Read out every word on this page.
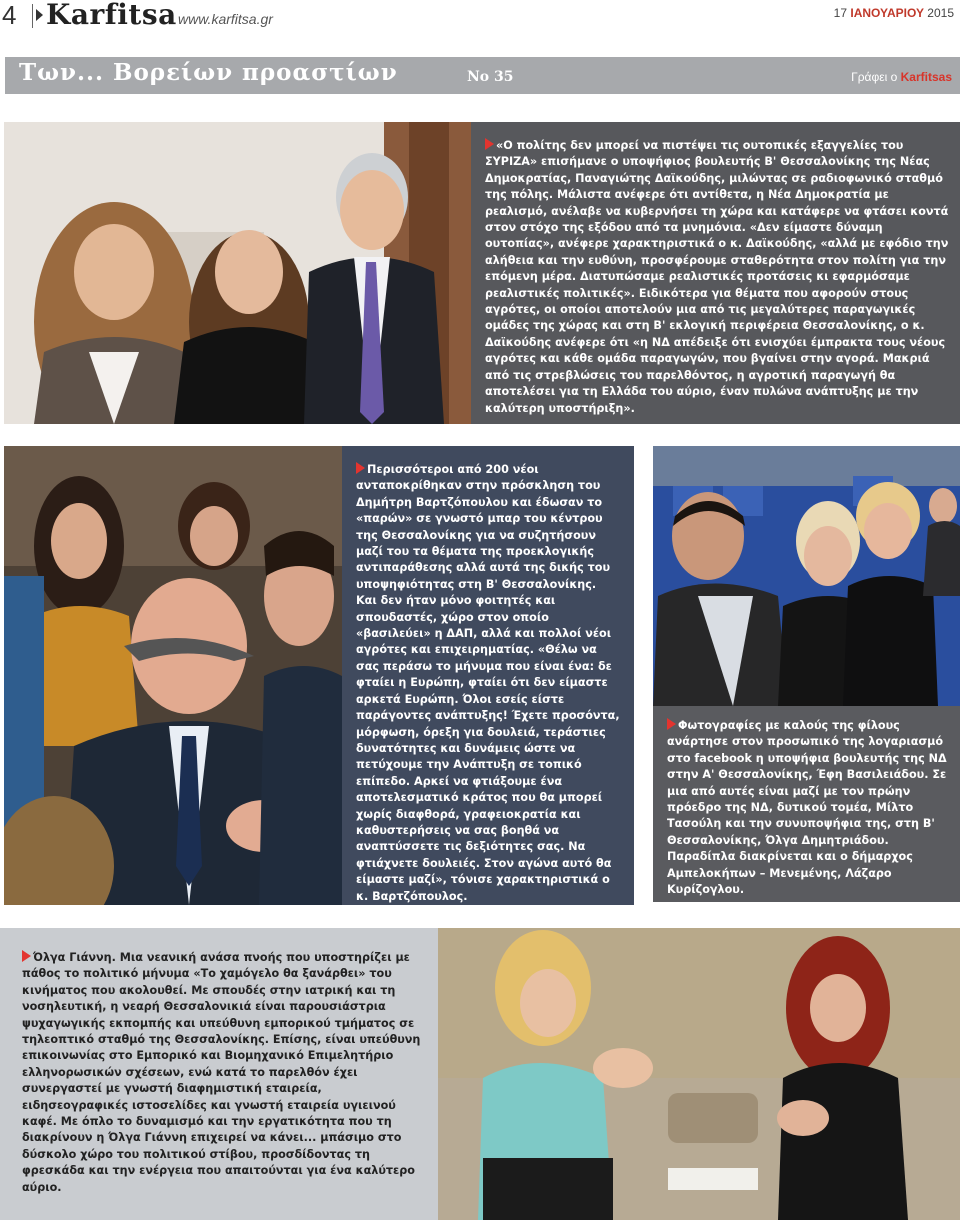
4 Karfitsa www.karfitsa.gr	17 ΙΑΝΟΥΑΡΙΟΥ 2015
Των... Βορείων προαστίων	Νο 35	Γράφει ο Karfitsas

«Ο πολίτης δεν μπορεί να πιστέψει τις ουτοπικές εξαγγελίες του ΣΥΡΙΖΑ» επισήμανε ο υποψήφιος βουλευτής Β' Θεσσαλονίκης της Νέας Δημοκρατίας, Παναγιώτης Δαϊκούδης, μιλώντας σε ραδιοφωνικό σταθμό της πόλης. Μάλιστα ανέφερε ότι αντίθετα, η Νέα Δημοκρατία με ρεαλισμό, ανέλαβε να κυβερνήσει τη χώρα και κατάφερε να φτάσει κοντά στον στόχο της εξόδου από τα μνημόνια. «Δεν είμαστε δύναμη ουτοπίας», ανέφερε χαρακτηριστικά ο κ. Δαϊκούδης, «αλλά με εφόδιο την αλήθεια και την ευθύνη, προσφέρουμε σταθερότητα στον πολίτη για την επόμενη μέρα. Διατυπώσαμε ρεαλιστικές προτάσεις κι εφαρμόσαμε ρεαλιστικές πολιτικές». Ειδικότερα για θέματα που αφορούν στους αγρότες, οι οποίοι αποτελούν μια από τις μεγαλύτερες παραγωγικές ομάδες της χώρας και στη Β' εκλογική περιφέρεια Θεσσαλονίκης, ο κ. Δαϊκούδης ανέφερε ότι «η ΝΔ απέδειξε ότι ενισχύει έμπρακτα τους νέους αγρότες και κάθε ομάδα παραγωγών, που βγαίνει στην αγορά. Μακριά από τις στρεβλώσεις του παρελθόντος, η αγροτική παραγωγή θα αποτελέσει για τη Ελλάδα του αύριο, έναν πυλώνα ανάπτυξης με την καλύτερη υποστήριξη».

Περισσότεροι από 200 νέοι ανταποκρίθηκαν στην πρόσκληση του Δημήτρη Βαρτζόπουλου και έδωσαν το «παρών» σε γνωστό μπαρ του κέντρου της Θεσσαλονίκης για να συζητήσουν μαζί του τα θέματα της προεκλογικής αντιπαράθεσης αλλά αυτά της δικής του υποψηφιότητας στη Β' Θεσσαλονίκης. Και δεν ήταν μόνο φοιτητές και σπουδαστές, χώρο στον οποίο «βασιλεύει» η ΔΑΠ, αλλά και πολλοί νέοι αγρότες και επιχειρηματίας. «Θέλω να σας περάσω το μήνυμα που είναι ένα: δε φταίει η Ευρώπη, φταίει ότι δεν είμαστε αρκετά Ευρώπη. Όλοι εσείς είστε παράγοντες ανάπτυξης! Έχετε προσόντα, μόρφωση, όρεξη για δουλειά, τεράστιες δυνατότητες και δυνάμεις ώστε να πετύχουμε την Ανάπτυξη σε τοπικό επίπεδο. Αρκεί να φτιάξουμε ένα αποτελεσματικό κράτος που θα μπορεί χωρίς διαφθορά, γραφειοκρατία και καθυστερήσεις να σας βοηθά να αναπτύσσετε τις δεξιότητες σας. Να φτιάχνετε δουλειές. Στον αγώνα αυτό θα είμαστε μαζί», τόνισε χαρακτηριστικά ο κ. Βαρτζόπουλος.

Φωτογραφίες με καλούς της φίλους ανάρτησε στον προσωπικό της λογαριασμό στο facebook η υποψήφια βουλευτής της ΝΔ στην Α' Θεσσαλονίκης, Έφη Βασιλειάδου. Σε μια από αυτές είναι μαζί με τον πρώην πρόεδρο της ΝΔ, δυτικού τομέα, Μίλτο Τασούλη και την συνυποψήφια της, στη Β' Θεσσαλονίκης, Όλγα Δημητριάδου. Παραδίπλα διακρίνεται και ο δήμαρχος Αμπελοκήπων – Μενεμένης, Λάζαρο Κυρίζογλου.

Όλγα Γιάννη. Μια νεανική ανάσα πνοής που υποστηρίζει με πάθος το πολιτικό μήνυμα «Το χαμόγελο θα ξανάρθει» του κινήματος που ακολουθεί. Με σπουδές στην ιατρική και τη νοσηλευτική, η νεαρή Θεσσαλονικιά είναι παρουσιάστρια ψυχαγωγικής εκπομπής και υπεύθυνη εμπορικού τμήματος σε τηλεοπτικό σταθμό της Θεσσαλονίκης. Επίσης, είναι υπεύθυνη επικοινωνίας στο Εμπορικό και Βιομηχανικό Επιμελητήριο ελληνορωσικών σχέσεων, ενώ κατά το παρελθόν έχει συνεργαστεί με γνωστή διαφημιστική εταιρεία, ειδησεογραφικές ιστοσελίδες και γνωστή εταιρεία υγιεινού καφέ. Με όπλο το δυναμισμό και την εργατικότητα που τη διακρίνουν η Όλγα Γιάννη επιχειρεί να κάνει... μπάσιμο στο δύσκολο χώρο του πολιτικού στίβου, προσδίδοντας τη φρεσκάδα και την ενέργεια που απαιτούνται για ένα καλύτερο αύριο.
